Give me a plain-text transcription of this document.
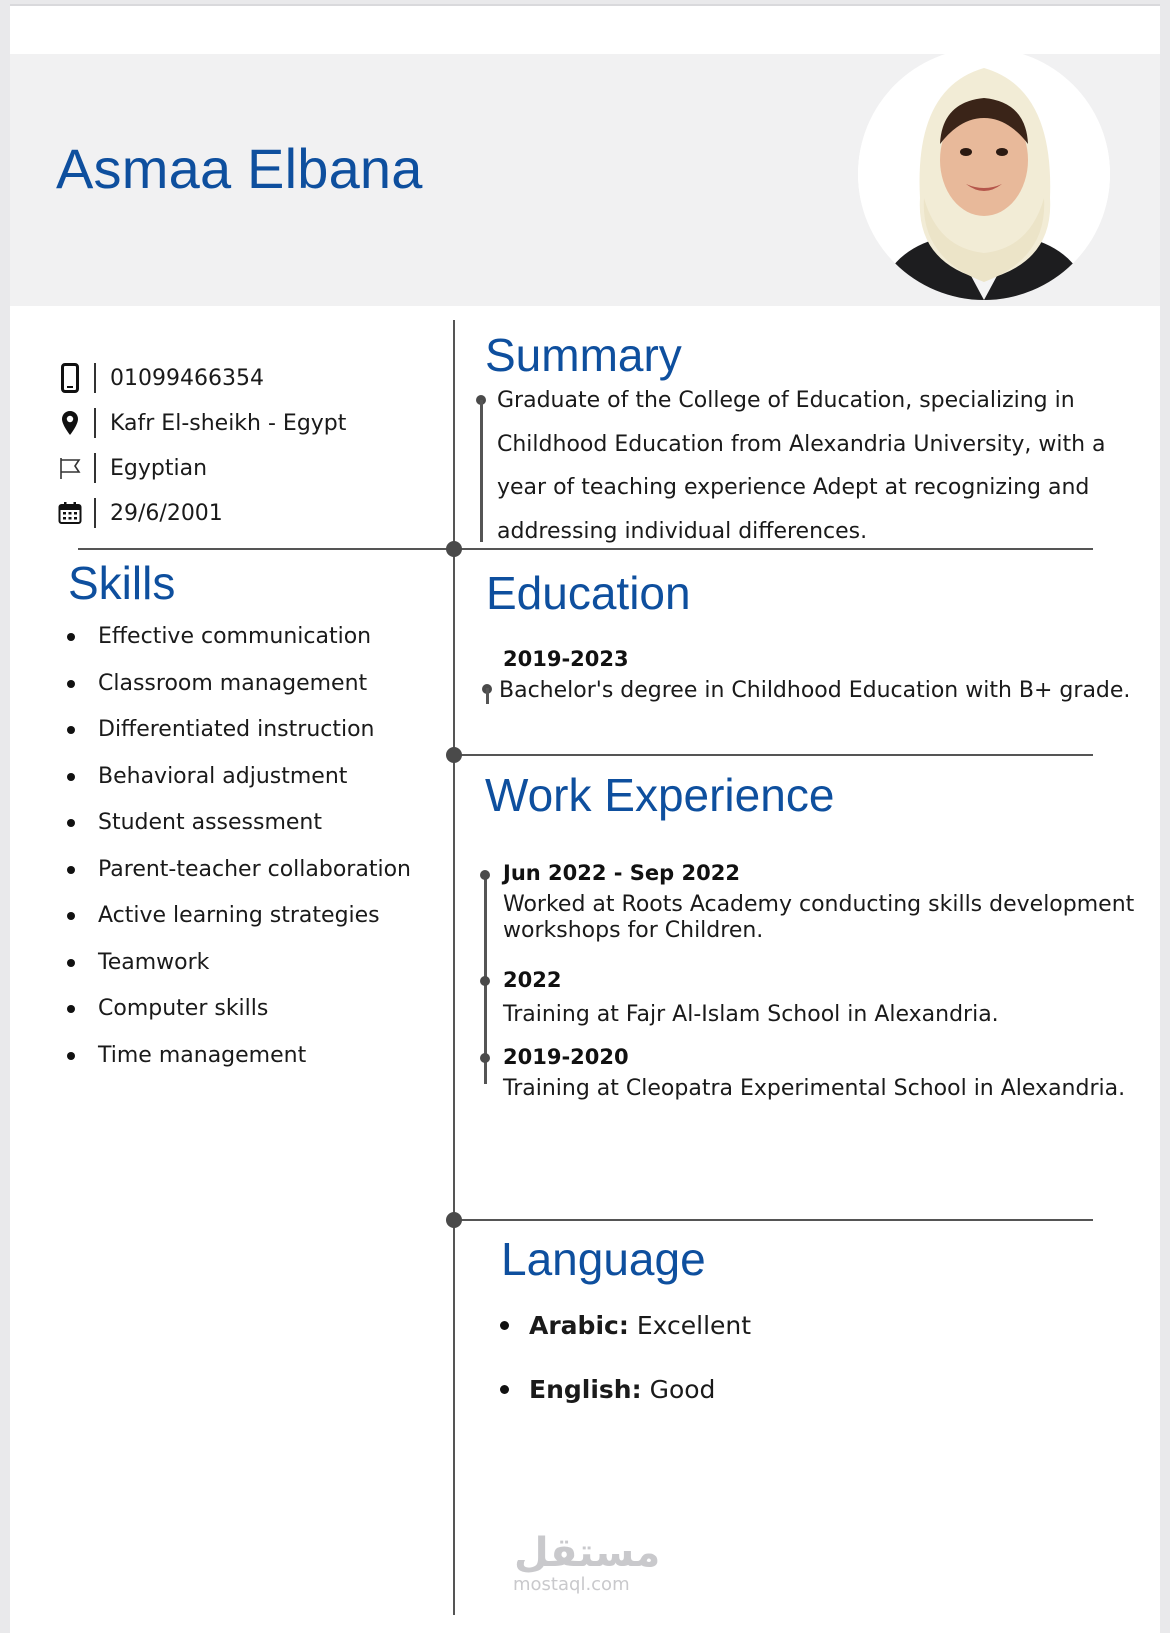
Asmaa Elbana
01099466354
Kafr El-sheikh - Egypt
Egyptian
29/6/2001
Summary
Graduate of the College of Education, specializing in
Childhood Education from Alexandria University, with a
year of teaching experience Adept at recognizing and
addressing individual differences.
Skills
Effective communication
Classroom management
Differentiated instruction
Behavioral adjustment
Student assessment
Parent-teacher collaboration
Active learning strategies
Teamwork
Computer skills
Time management
Education
2019-2023
Bachelor's degree in Childhood Education with B+ grade.
Work Experience
Jun 2022 - Sep 2022
Worked at Roots Academy conducting skills development
workshops for Children.
2022
Training at Fajr Al-Islam School in Alexandria.
2019-2020
Training at Cleopatra Experimental School in Alexandria.
Language
Arabic: Excellent
English: Good
مستقل
mostaql.com
